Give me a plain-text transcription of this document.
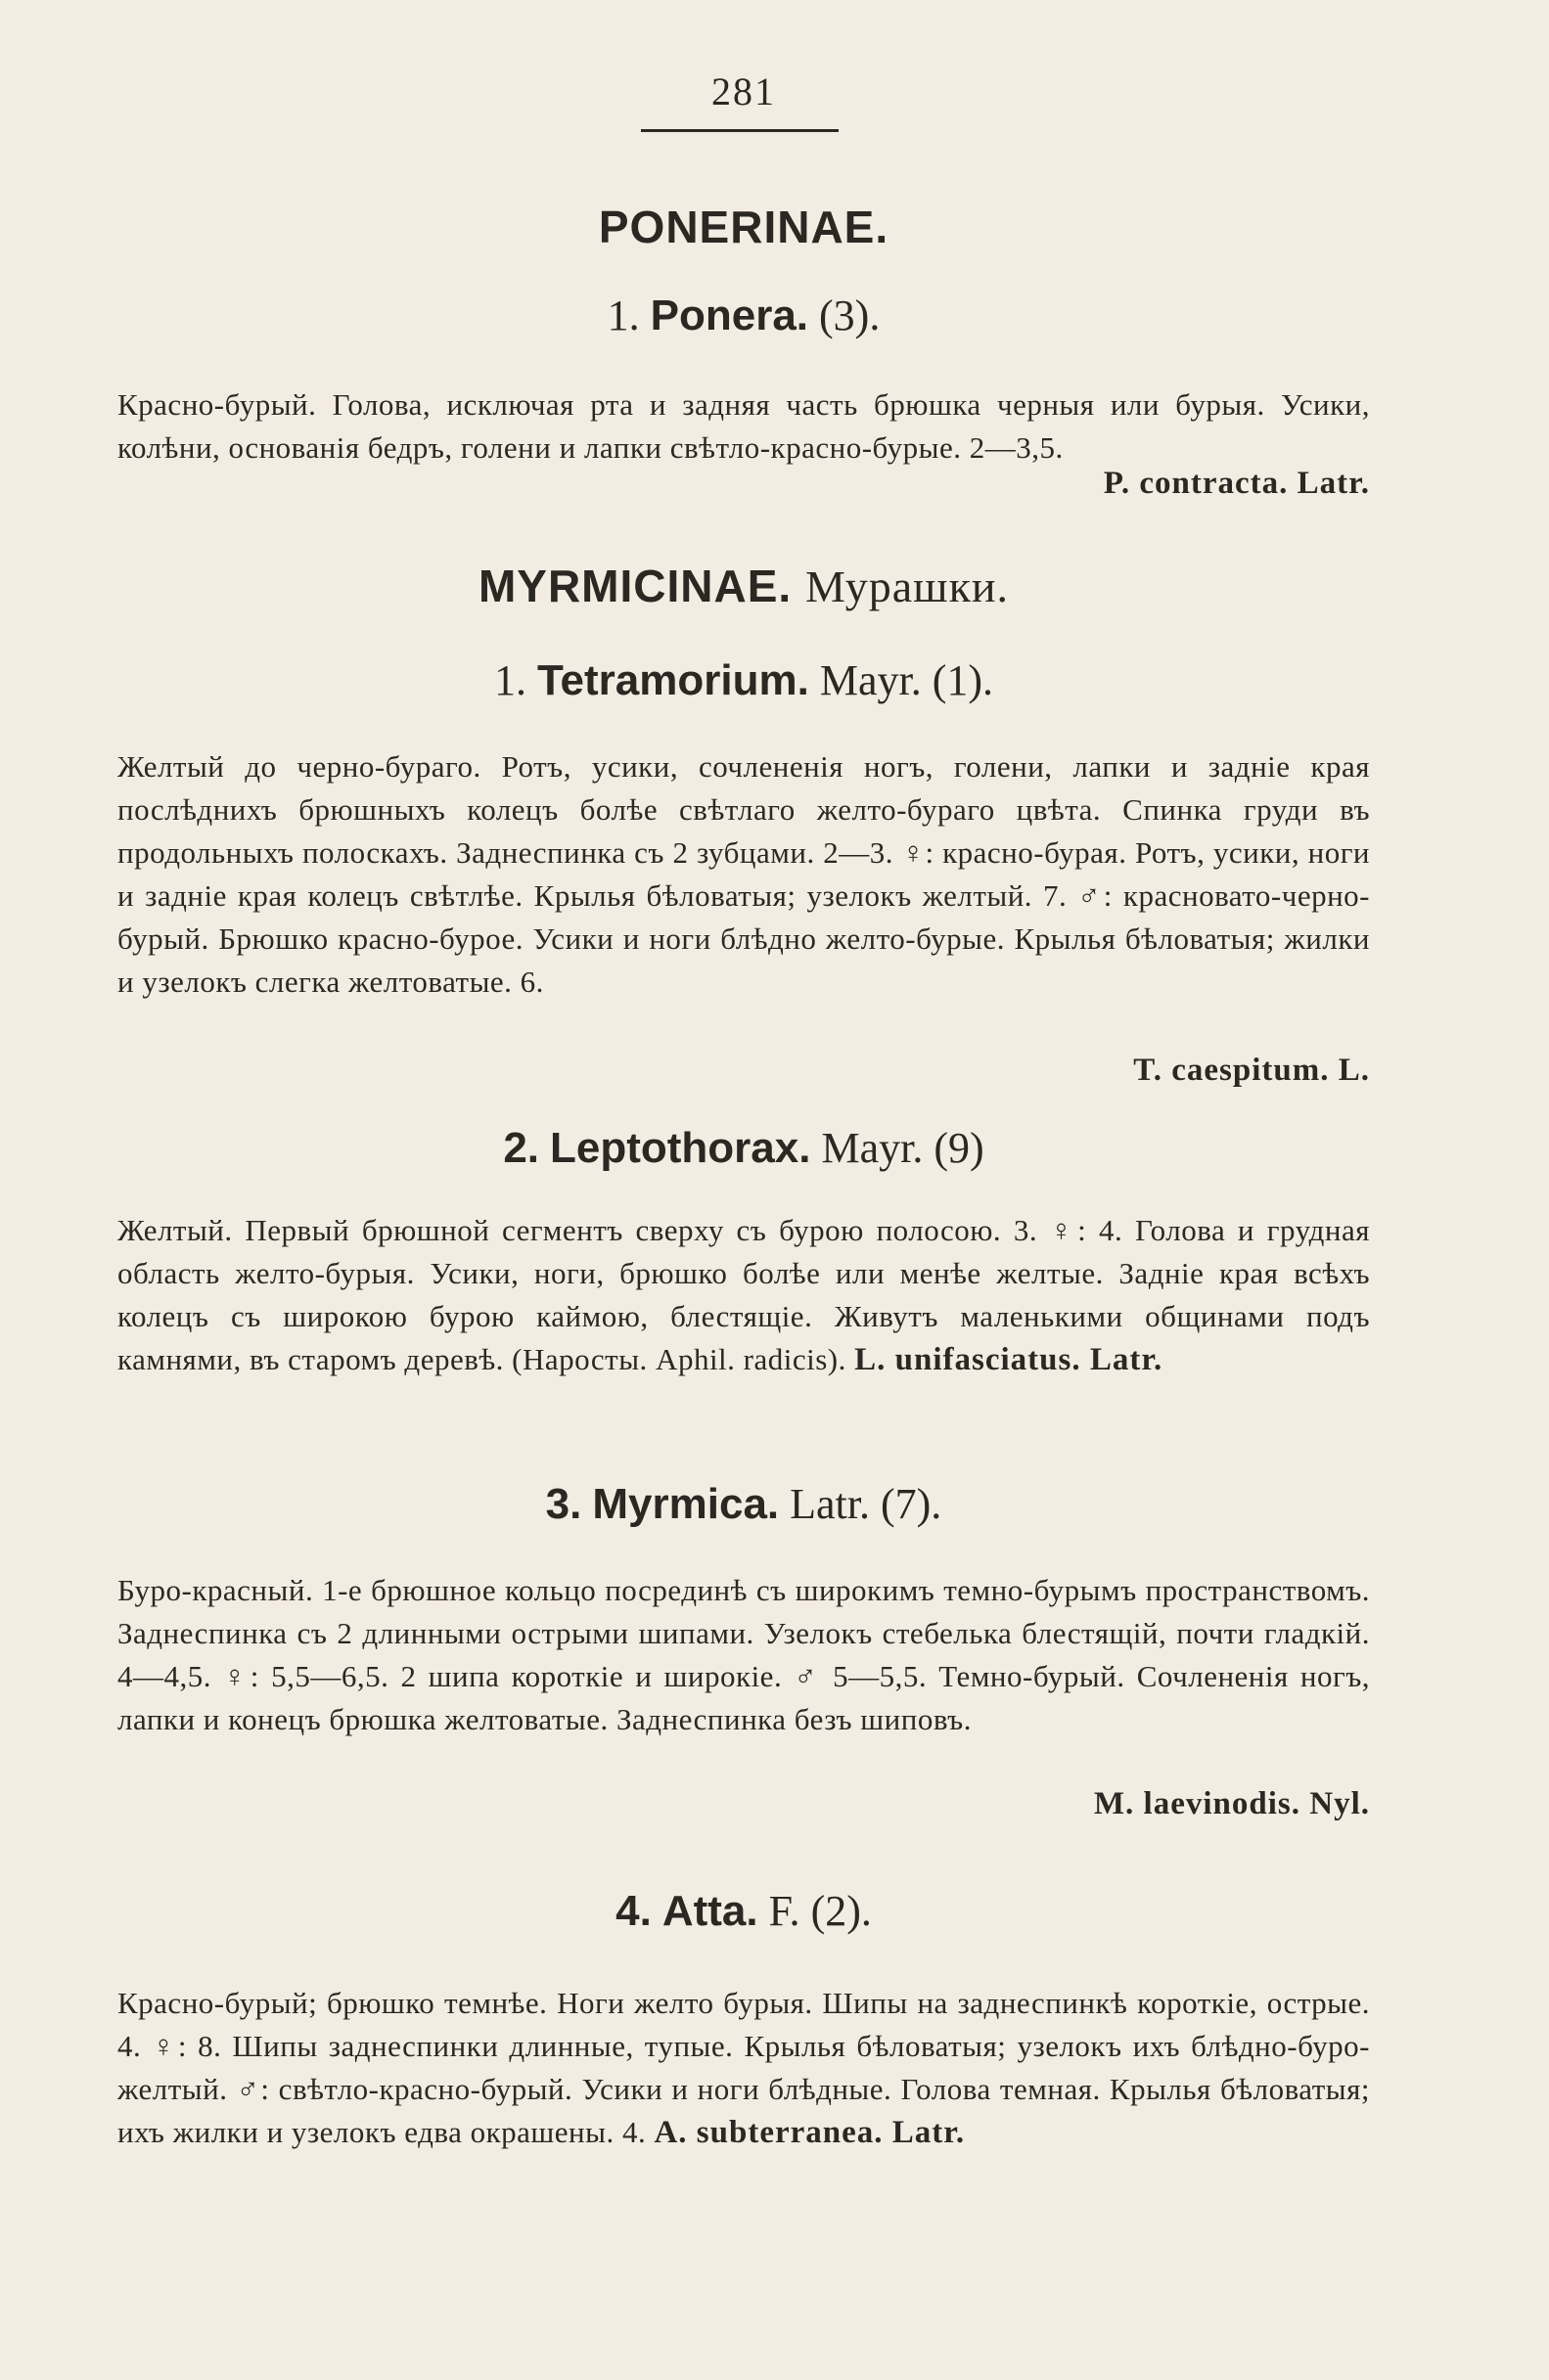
281
PONERINAE.
1. Ponera. (3).
Красно-бурый. Голова, исключая рта и задняя часть брюшка черныя или бурыя. Усики, колѣни, основанія бедръ, голени и лапки свѣтло-красно-бурые. 2—3,5.
P. contracta. Latr.
MYRMICINAE. Мурашки.
1. Tetramorium. Mayr. (1).
Желтый до черно-бураго. Ротъ, усики, сочлененія ногъ, голени, лапки и задніе края послѣднихъ брюшныхъ колецъ болѣе свѣтлаго желто-бураго цвѣта. Спинка груди въ продольныхъ полоскахъ. Заднеспинка съ 2 зубцами. 2—3. ♀: красно-бурая. Ротъ, усики, ноги и задніе края колецъ свѣтлѣе. Крылья бѣловатыя; узелокъ желтый. 7. ♂: красновато-черно-бурый. Брюшко красно-бурое. Усики и ноги блѣдно желто-бурые. Крылья бѣловатыя; жилки и узелокъ слегка желтоватые. 6.
T. caespitum. L.
2. Leptothorax. Mayr. (9)
Желтый. Первый брюшной сегментъ сверху съ бурою полосою. 3. ♀: 4. Голова и грудная область желто-бурыя. Усики, ноги, брюшко болѣе или менѣе желтые. Задніе края всѣхъ колецъ съ широкою бурою каймою, блестящіе. Живутъ маленькими общинами подъ камнями, въ старомъ деревѣ. (Наросты. Aphil. radicis). L. unifasciatus. Latr.
3. Myrmica. Latr. (7).
Буро-красный. 1-е брюшное кольцо посрединѣ съ широкимъ темно-бурымъ пространствомъ. Заднеспинка съ 2 длинными острыми шипами. Узелокъ стебелька блестящій, почти гладкій. 4—4,5. ♀: 5,5—6,5. 2 шипа короткіе и широкіе. ♂ 5—5,5. Темно-бурый. Сочлененія ногъ, лапки и конецъ брюшка желтоватые. Заднеспинка безъ шиповъ.
M. laevinodis. Nyl.
4. Atta. F. (2).
Красно-бурый; брюшко темнѣе. Ноги желто бурыя. Шипы на заднеспинкѣ короткіе, острые. 4. ♀: 8. Шипы заднеспинки длинные, тупые. Крылья бѣловатыя; узелокъ ихъ блѣдно-буро-желтый. ♂: свѣтло-красно-бурый. Усики и ноги блѣдные. Голова темная. Крылья бѣловатыя; ихъ жилки и узелокъ едва окрашены. 4. A. subterranea. Latr.
